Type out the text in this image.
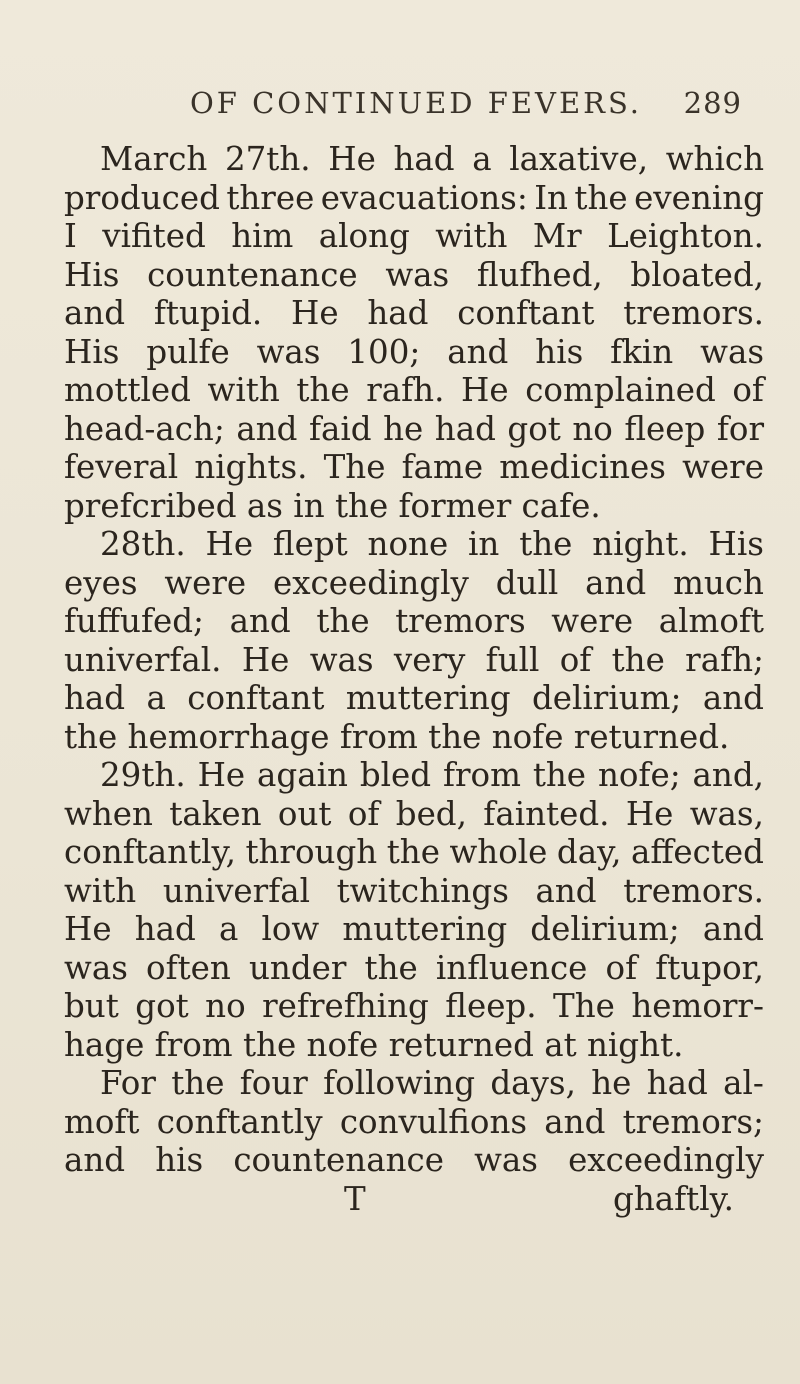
OF CONTINUED FEVERS. 289
March 27th. He had a laxative, which
produced three evacuations: In the evening
I vifited him along with Mr Leighton.
His countenance was flufhed, bloated,
and ftupid. He had conftant tremors.
His pulfe was 100; and his fkin was
mottled with the rafh. He complained of
head-ach; and faid he had got no fleep for
feveral nights. The fame medicines were
prefcribed as in the former cafe.
28th. He flept none in the night. His
eyes were exceedingly dull and much
fuffufed; and the tremors were almoft
univerfal. He was very full of the rafh;
had a conftant muttering delirium; and
the hemorrhage from the nofe returned.
29th. He again bled from the nofe; and,
when taken out of bed, fainted. He was,
conftantly, through the whole day, affected
with univerfal twitchings and tremors.
He had a low muttering delirium; and
was often under the influence of ftupor,
but got no refrefhing fleep. The hemorr-
hage from the nofe returned at night.
For the four following days, he had al-
moft conftantly convulfions and tremors;
and his countenance was exceedingly
T	ghaftly.
